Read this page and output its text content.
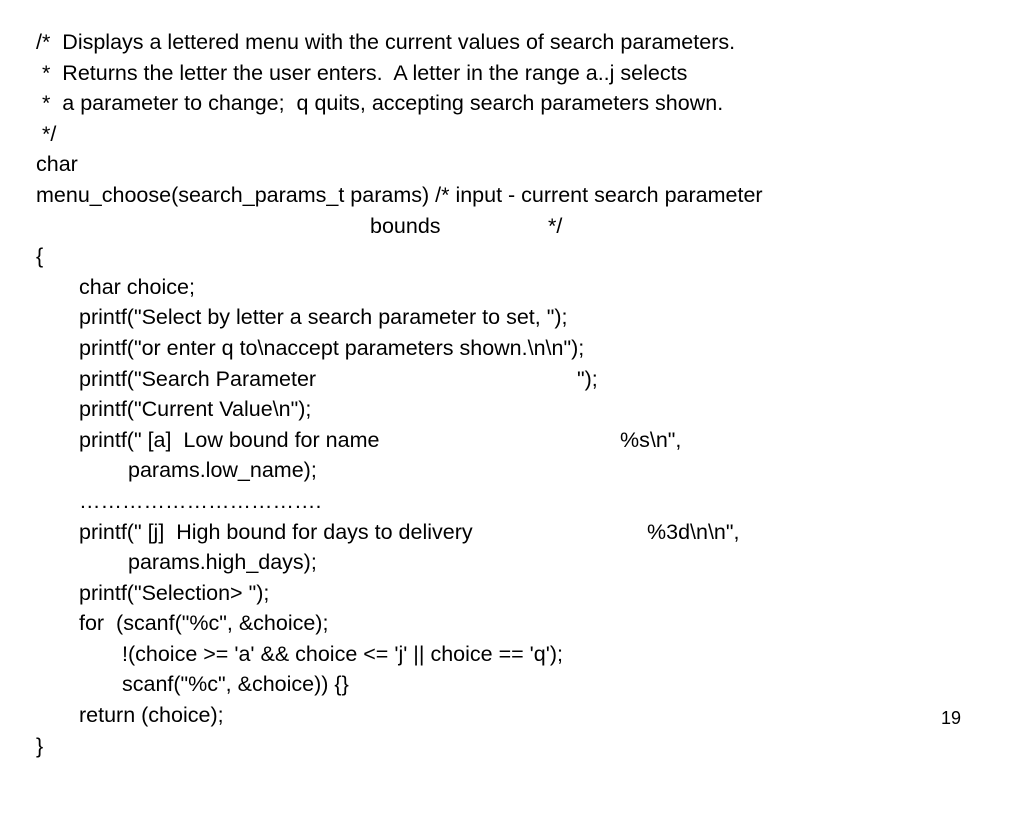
/*  Displays a lettered menu with the current values of search parameters.

*  Returns the letter the user enters.  A letter in the range a..j selects

*  a parameter to change;  q quits, accepting search parameters shown.

*/

char

menu_choose(search_params_t params) /* input - current search parameter

bounds

	*/

{

char choice;

printf("Select by letter a search parameter to set, ");

printf("or enter q to\naccept parameters shown.\n\n");

printf("Search Parameter

	");

printf("Current Value\n");

printf(" [a]  Low bound for name

	%s\n",

params.low_name);

…………………………….

printf(" [j]  High bound for days to delivery

	%3d\n\n",

params.high_days);

printf("Selection> ");

for  (scanf("%c", &choice);

!(choice >= 'a' && choice <= 'j' || choice == 'q');

scanf("%c", &choice)) {}

return (choice);

}

19
